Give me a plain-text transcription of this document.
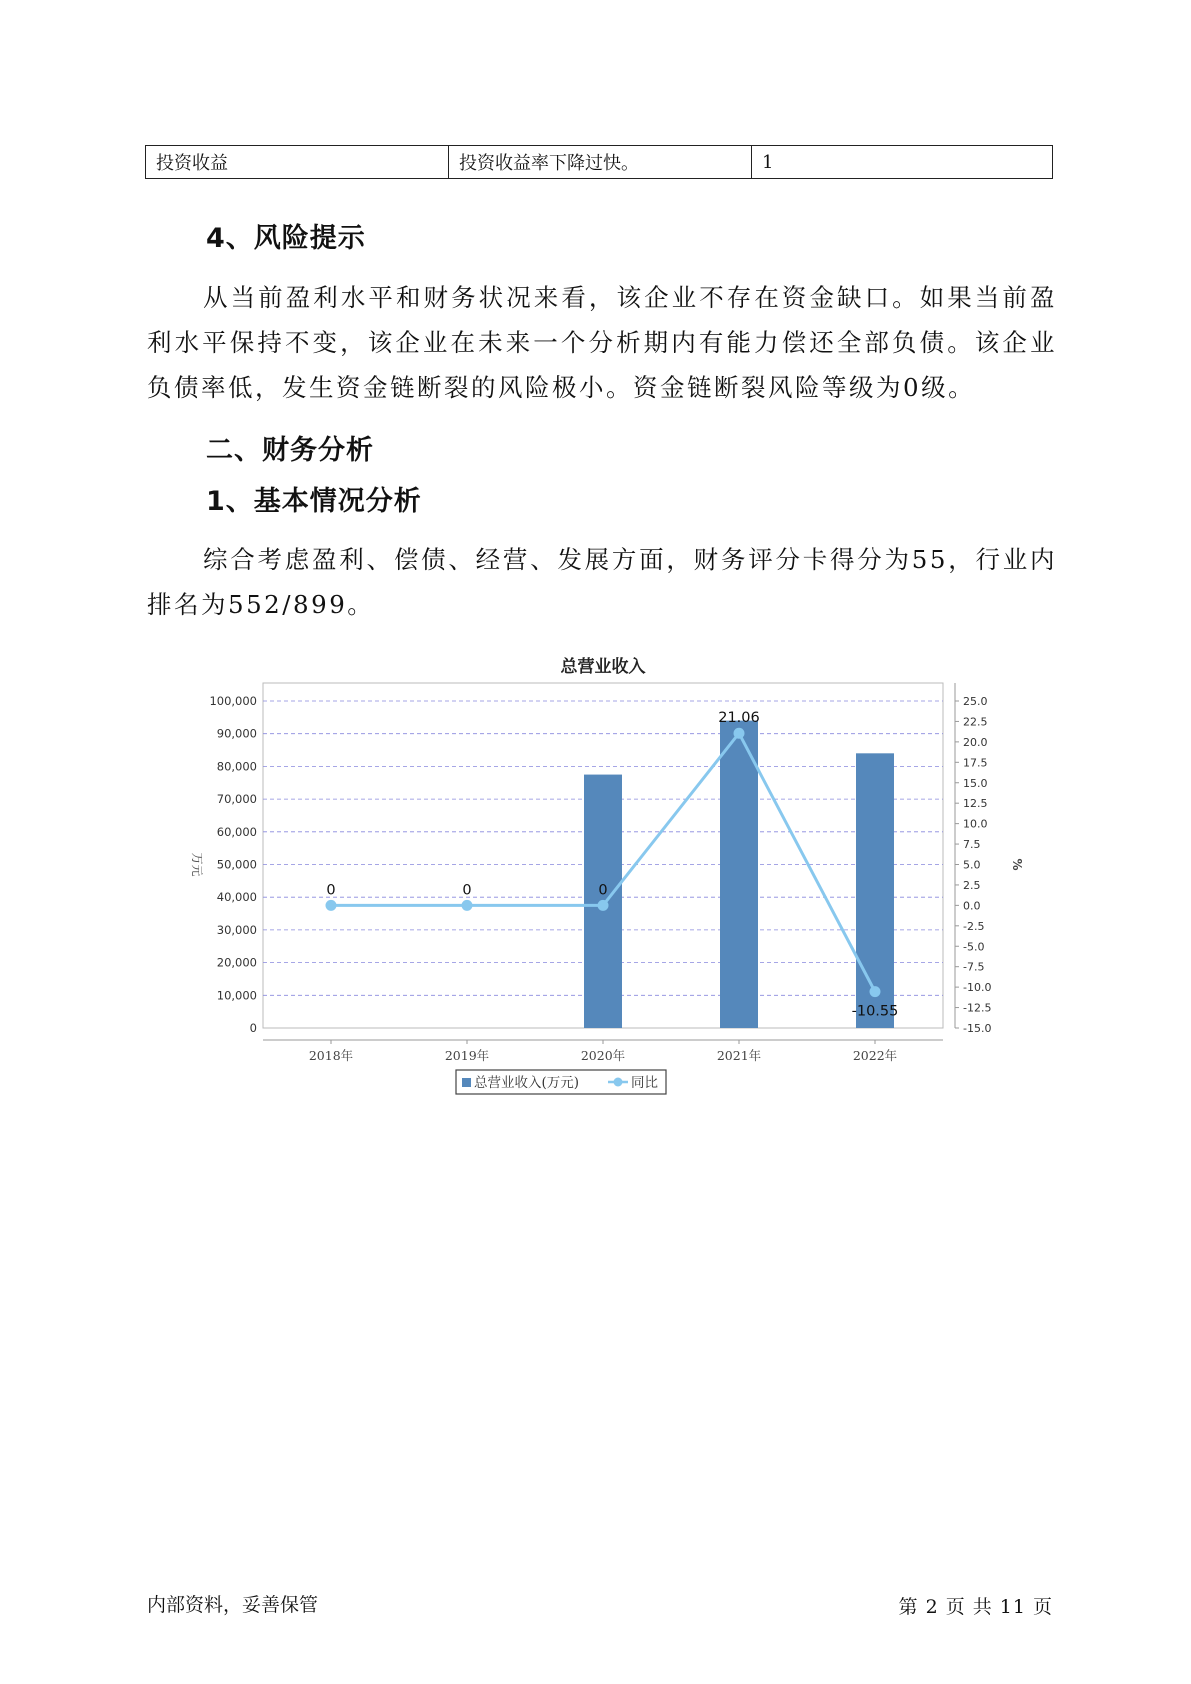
投资收益	投资收益率下降过快。	1
4、风险提示

从当前盈利水平和财务状况来看，该企业不存在资金缺口。如果当前盈利水平保持不变，该企业在未来一个分析期内有能力偿还全部负债。该企业负债率低，发生资金链断裂的风险极小。资金链断裂风险等级为0级。

二、财务分析
1、基本情况分析

综合考虑盈利、偿债、经营、发展方面，财务评分卡得分为55，行业内排名为552/899。

总营业收入
0
10,000
20,000
30,000
40,000
50,000
60,000
70,000
80,000
90,000
100,000
-15.0
-12.5
-10.0
-7.5
-5.0
-2.5
0.0
2.5
5.0
7.5
10.0
12.5
15.0
17.5
20.0
22.5
25.0
万元	%
2018年	2019年	2020年	2021年	2022年
0	0	0
21.06
-10.55
总营业收入(万元)	同比
内部资料，妥善保管	第 2 页 共 11 页
